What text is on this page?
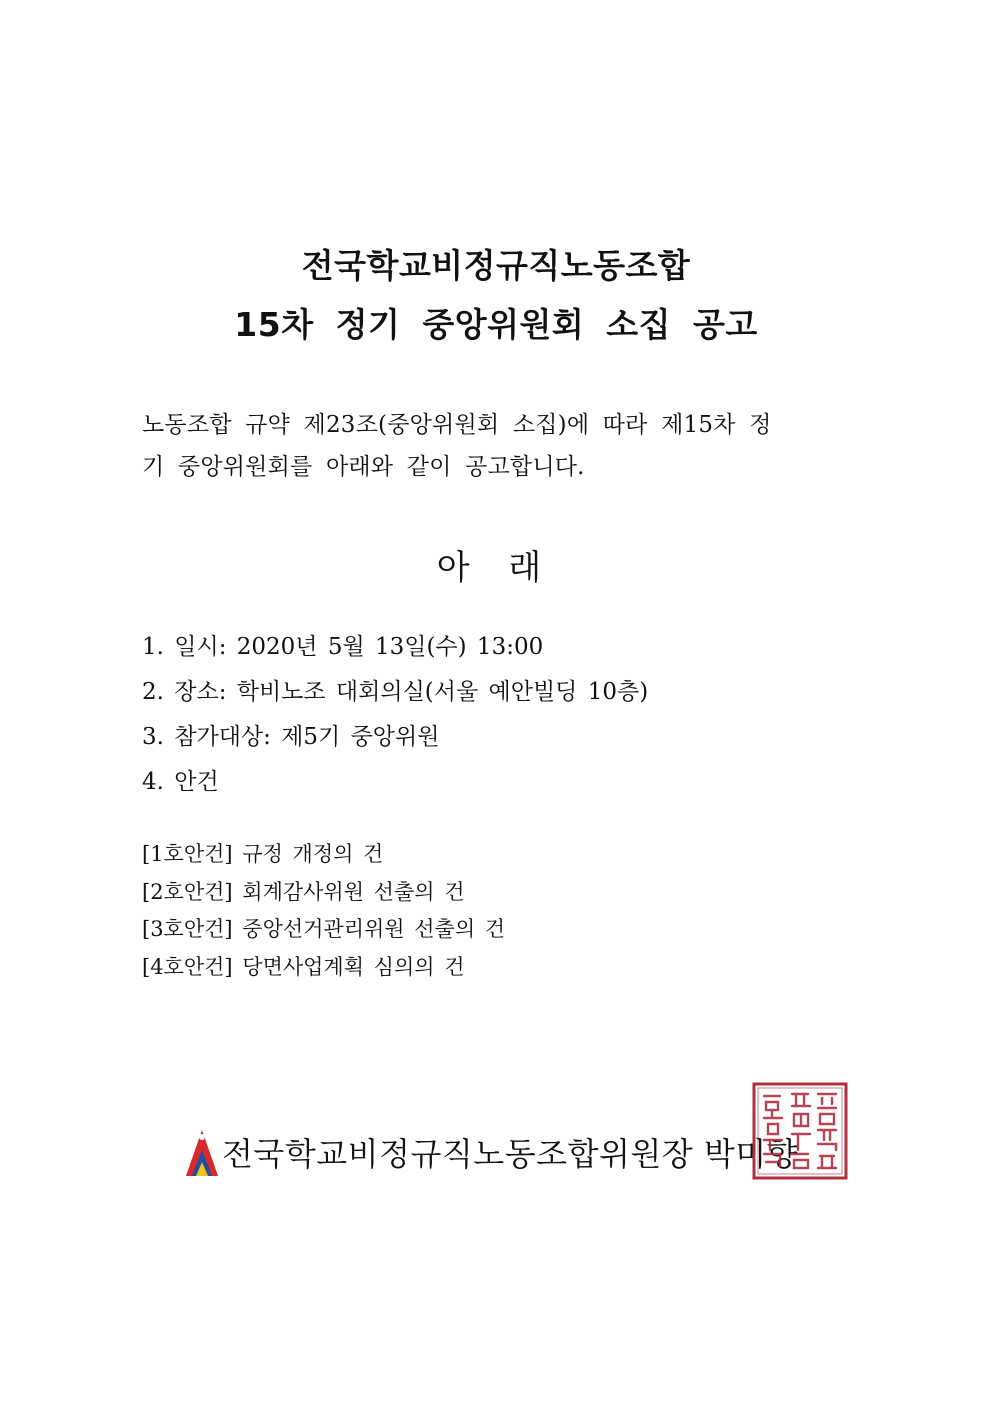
전국학교비정규직노동조합
15차 정기 중앙위원회 소집 공고
노동조합 규약 제23조(중앙위원회 소집)에 따라 제15차 정
기 중앙위원회를 아래와 같이 공고합니다.
아 래
1. 일시: 2020년 5월 13일(수) 13:00
2. 장소: 학비노조 대회의실(서울 예안빌딩 10층)
3. 참가대상: 제5기 중앙위원
4. 안건
[1호안건] 규정 개정의 건
[2호안건] 회계감사위원 선출의 건
[3호안건] 중앙선거관리위원 선출의 건
[4호안건] 당면사업계획 심의의 건
전국학교비정규직노동조합위원장 박미향
